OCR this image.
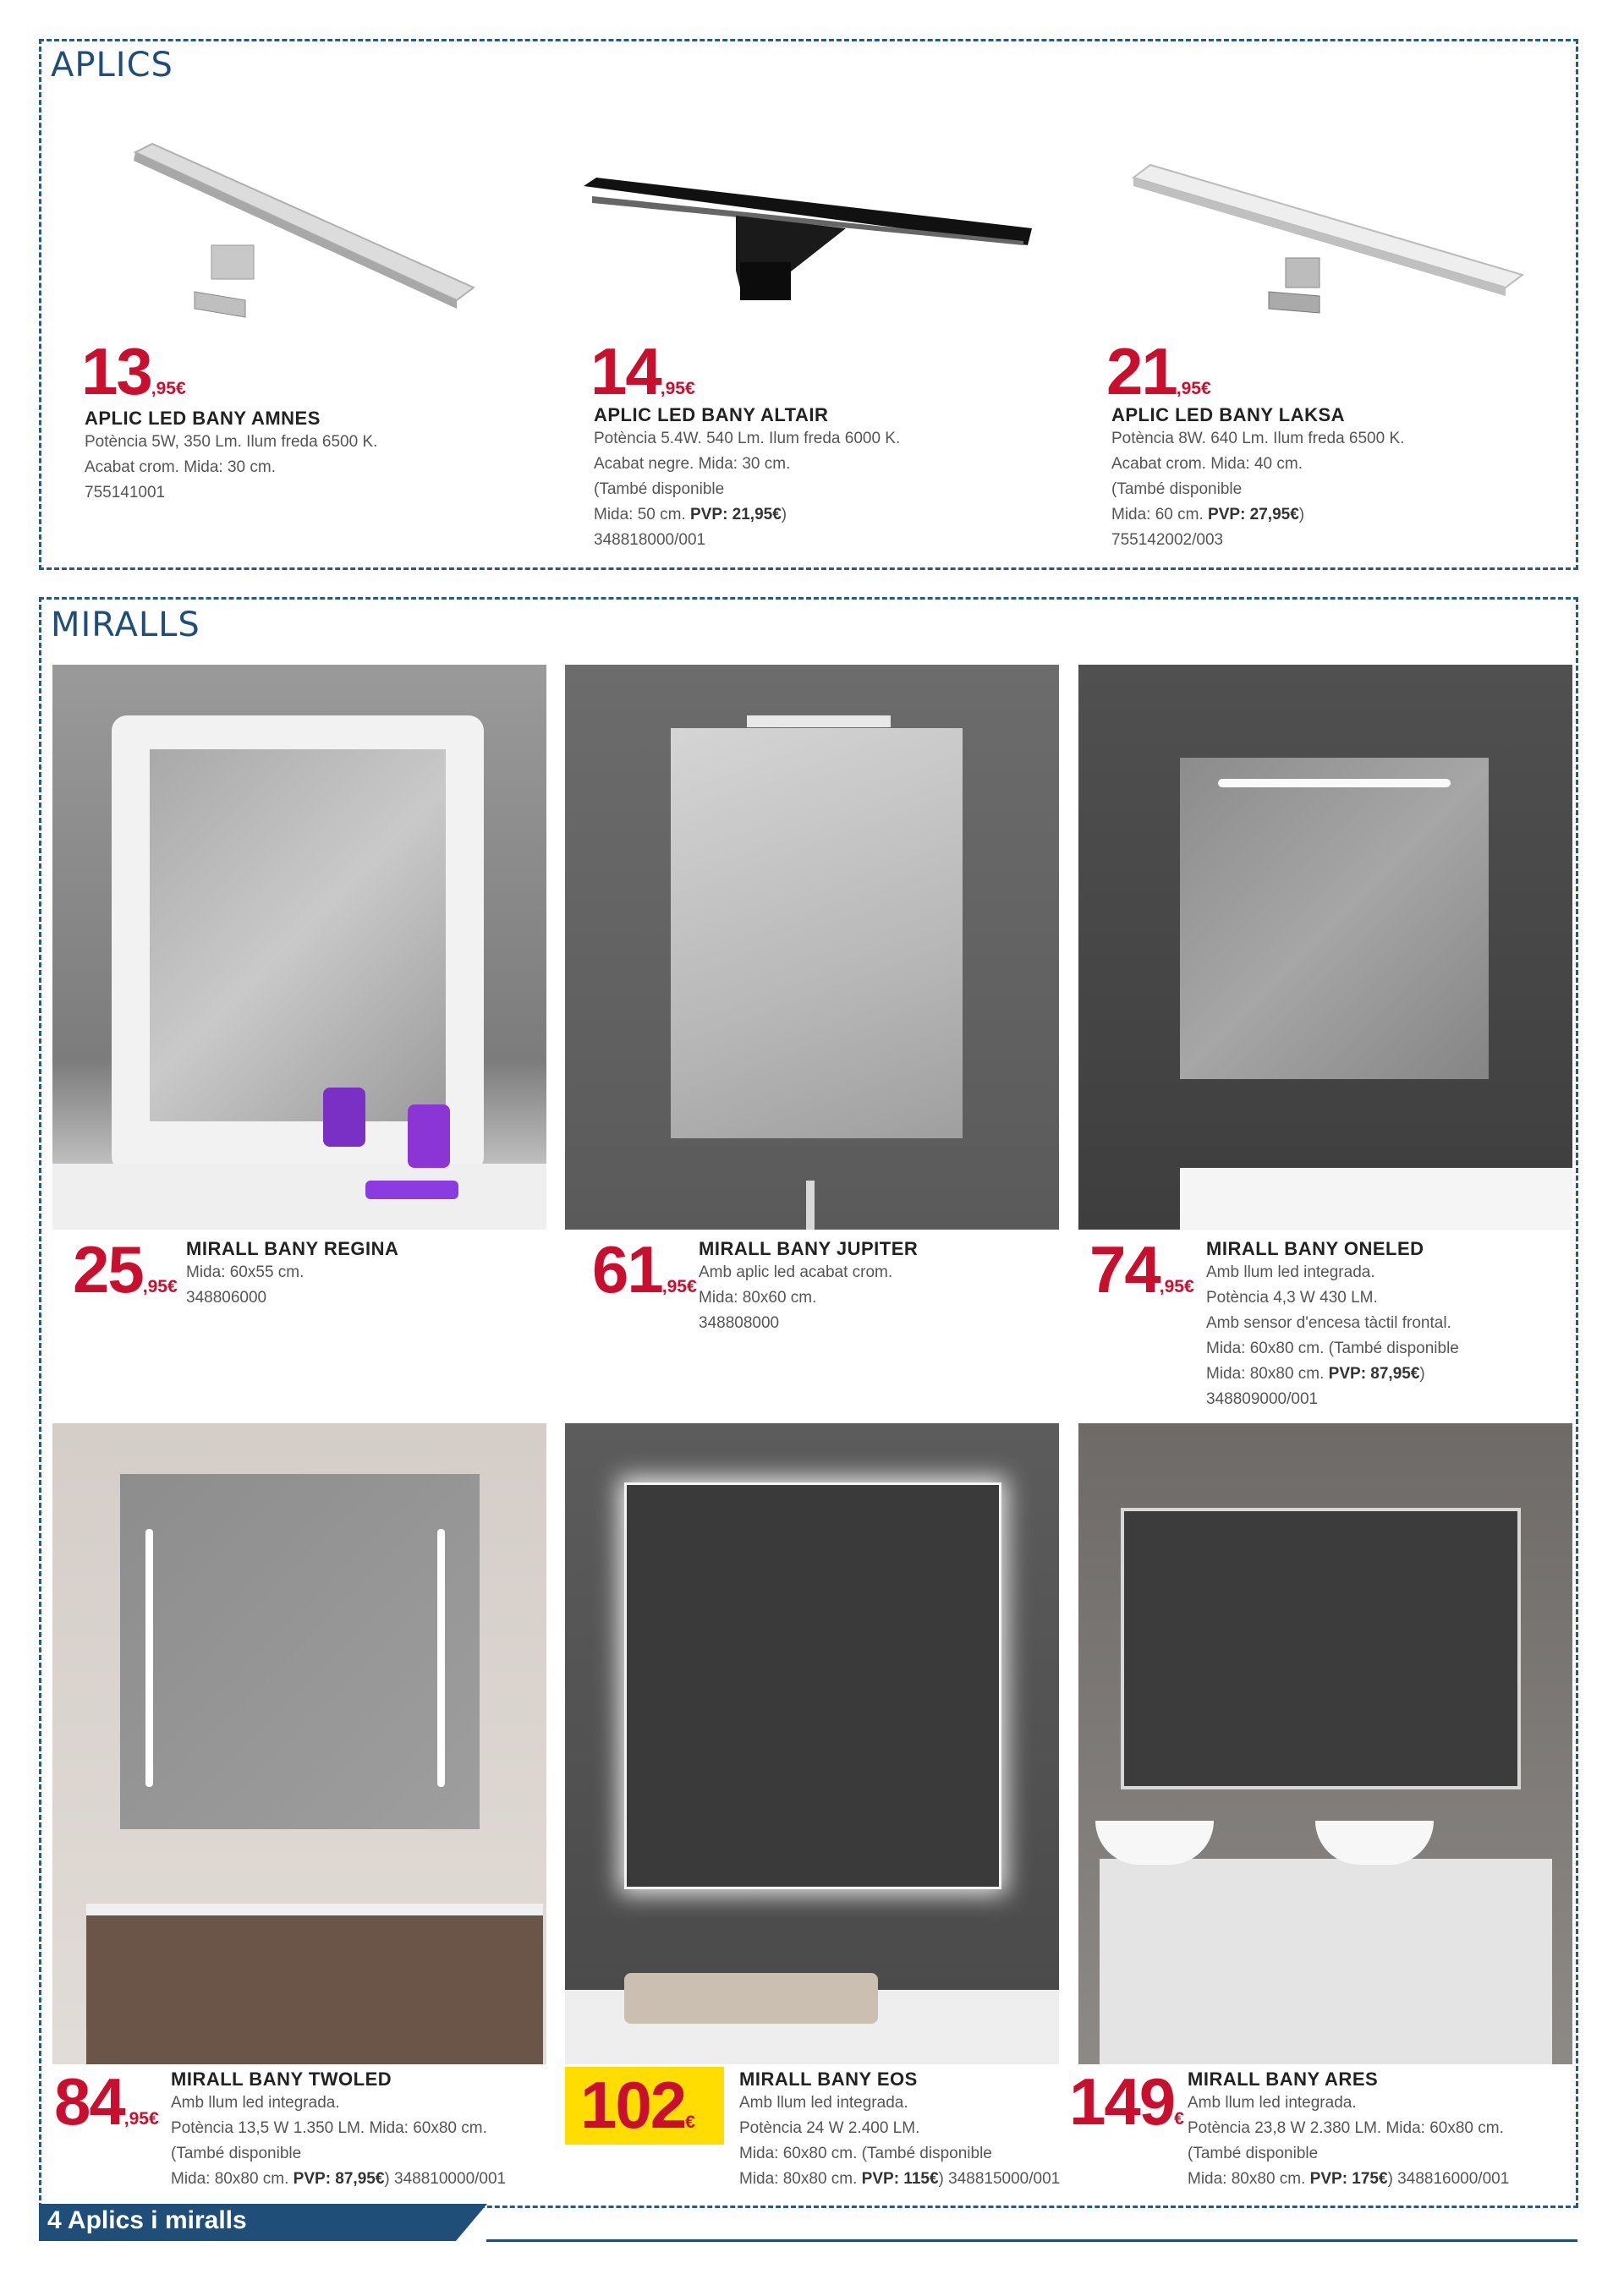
APLICS
13,95€
APLIC LED BANY AMNES
Potència 5W, 350 Lm. Ilum freda 6500 K.
Acabat crom. Mida: 30 cm.
755141001
14,95€
APLIC LED BANY ALTAIR
Potència 5.4W. 540 Lm. Ilum freda 6000 K.
Acabat negre. Mida: 30 cm.
(També disponible
Mida: 50 cm. PVP: 21,95€)
348818000/001
21,95€
APLIC LED BANY LAKSA
Potència 8W. 640 Lm. Ilum freda 6500 K.
Acabat crom. Mida: 40 cm.
(També disponible
Mida: 60 cm. PVP: 27,95€)
755142002/003
MIRALLS
25,95€
MIRALL BANY REGINA
Mida: 60x55 cm.
348806000	61,95€
MIRALL BANY JUPITER
Amb aplic led acabat crom.
Mida: 80x60 cm.
348808000
74,95€
MIRALL BANY ONELED
Amb llum led integrada.
Potència 4,3 W 430 LM.
Amb sensor d'encesa tàctil frontal.
Mida: 60x80 cm. (També disponible
Mida: 80x80 cm. PVP: 87,95€)
348809000/001
84,95€
MIRALL BANY TWOLED
Amb llum led integrada.
Potència 13,5 W 1.350 LM. Mida: 60x80 cm.
(També disponible
Mida: 80x80 cm. PVP: 87,95€) 348810000/001
102€
MIRALL BANY EOS
Amb llum led integrada.
Potència 24 W 2.400 LM.
Mida: 60x80 cm. (També disponible
Mida: 80x80 cm. PVP: 115€) 348815000/001
149€
MIRALL BANY ARES
Amb llum led integrada.
Potència 23,8 W 2.380 LM. Mida: 60x80 cm.
(També disponible
Mida: 80x80 cm. PVP: 175€) 348816000/001
4 Aplics i miralls
